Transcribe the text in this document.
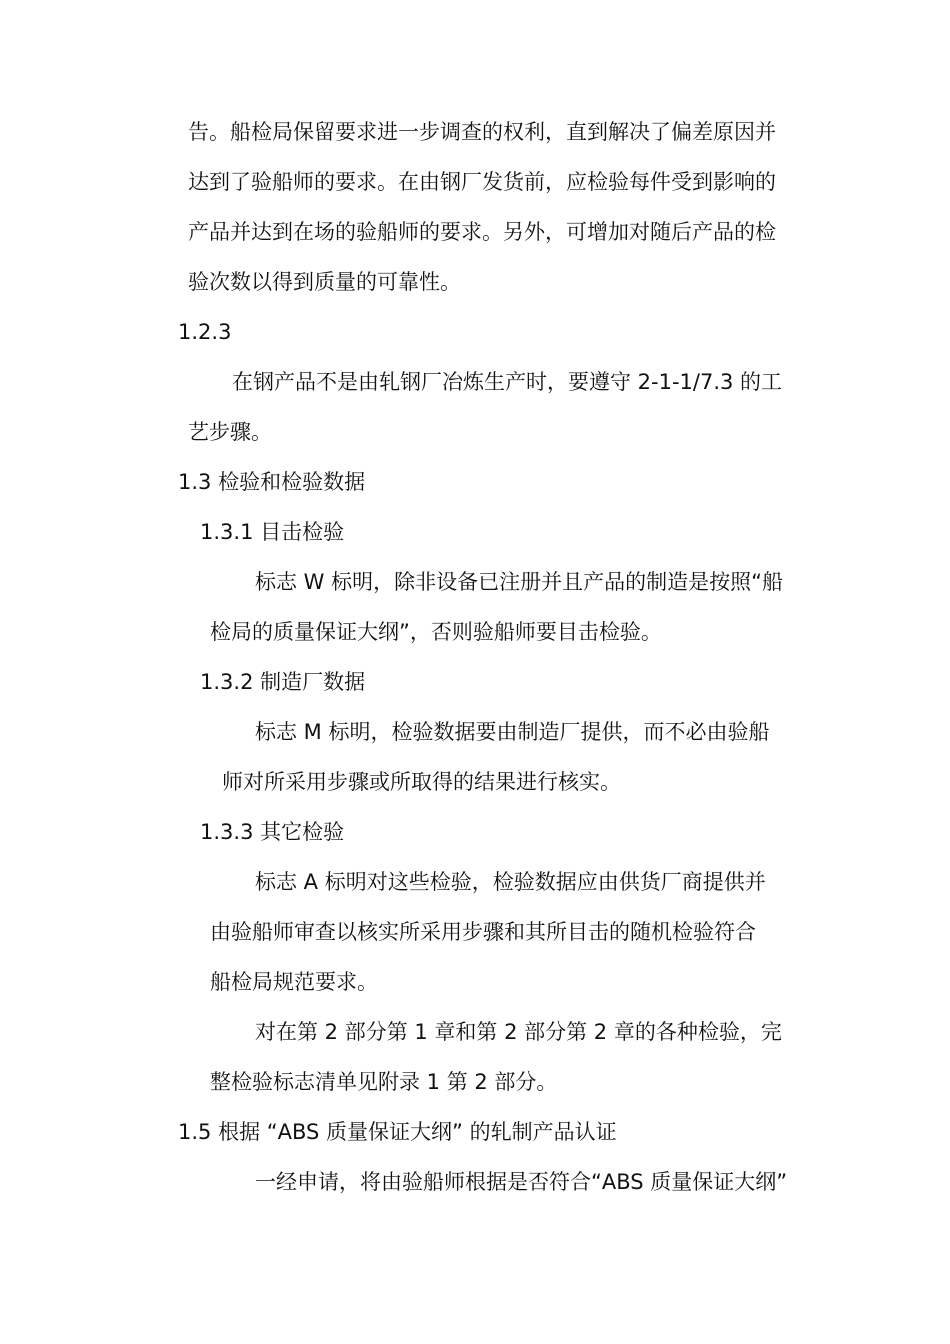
告。船检局保留要求进一步调查的权利，直到解决了偏差原因并

达到了验船师的要求。在由钢厂发货前，应检验每件受到影响的

产品并达到在场的验船师的要求。另外，可增加对随后产品的检

验次数以得到质量的可靠性。

1.2.3

在钢产品不是由轧钢厂冶炼生产时，要遵守 2-1-1/7.3 的工

艺步骤。

1.3 检验和检验数据

1.3.1 目击检验

标志 W 标明，除非设备已注册并且产品的制造是按照“船

检局的质量保证大纲”，否则验船师要目击检验。

1.3.2 制造厂数据

标志 M 标明，检验数据要由制造厂提供，而不必由验船

师对所采用步骤或所取得的结果进行核实。

1.3.3 其它检验

标志 A 标明对这些检验，检验数据应由供货厂商提供并

由验船师审查以核实所采用步骤和其所目击的随机检验符合

船检局规范要求。

对在第 2 部分第 1 章和第 2 部分第 2 章的各种检验，完

整检验标志清单见附录 1 第 2 部分。

1.5 根据 “ABS 质量保证大纲” 的轧制产品认证

一经申请，将由验船师根据是否符合“ABS 质量保证大纲”
